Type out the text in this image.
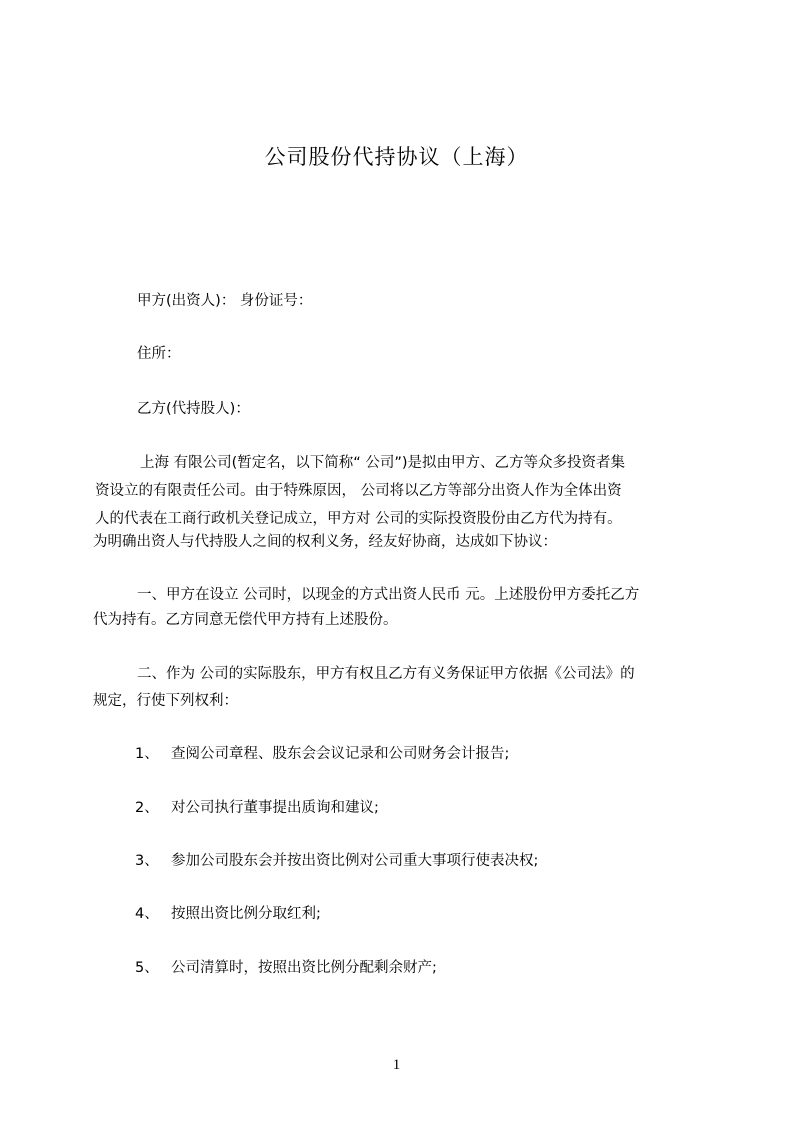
公司股份代持协议（上海）
甲方(出资人)： 身份证号：
住所：
乙方(代持股人)：
上海 有限公司(暂定名，以下简称“ 公司”)是拟由甲方、乙方等众多投资者集
资设立的有限责任公司。由于特殊原因， 公司将以乙方等部分出资人作为全体出资
人的代表在工商行政机关登记成立，甲方对 公司的实际投资股份由乙方代为持有。
为明确出资人与代持股人之间的权利义务，经友好协商，达成如下协议：
一、甲方在设立 公司时，以现金的方式出资人民币 元。上述股份甲方委托乙方
代为持有。乙方同意无偿代甲方持有上述股份。
二、作为 公司的实际股东，甲方有权且乙方有义务保证甲方依据《公司法》的
规定，行使下列权利：
1、 查阅公司章程、股东会会议记录和公司财务会计报告;
2、 对公司执行董事提出质询和建议;
3、 参加公司股东会并按出资比例对公司重大事项行使表决权;
4、 按照出资比例分取红利;
5、 公司清算时，按照出资比例分配剩余财产;
1
